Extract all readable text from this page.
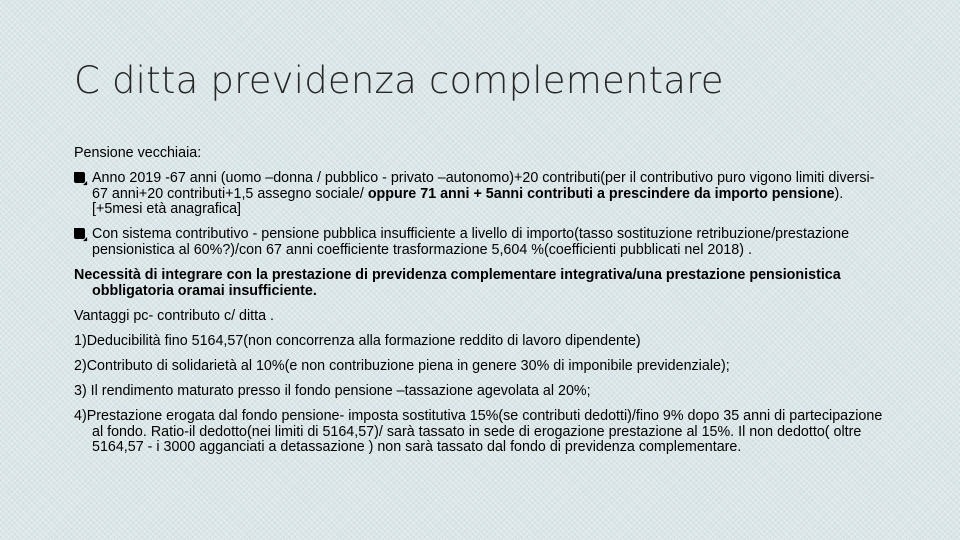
C ditta previdenza complementare

Pensione vecchiaia:

Anno 2019 -67 anni (uomo –donna / pubblico - privato –autonomo)+20 contributi(per il contributivo puro vigono limiti diversi- 67 anni+20 contributi+1,5 assegno sociale/ oppure 71 anni + 5anni contributi a prescindere da importo pensione). [+5mesi età anagrafica]

Con sistema contributivo - pensione pubblica insufficiente a livello di importo(tasso sostituzione retribuzione/prestazione pensionistica al 60%?)/con 67 anni coefficiente trasformazione 5,604 %(coefficienti pubblicati nel 2018) .

Necessità di integrare con la prestazione di previdenza complementare integrativa/una prestazione pensionistica obbligatoria oramai insufficiente.

Vantaggi pc- contributo c/ ditta .

1)Deducibilità fino 5164,57(non concorrenza alla formazione reddito di lavoro dipendente)

2)Contributo di solidarietà al 10%(e non contribuzione piena in genere 30% di imponibile previdenziale);

3) Il rendimento maturato presso il fondo pensione –tassazione agevolata al 20%;

4)Prestazione erogata dal fondo pensione- imposta sostitutiva 15%(se contributi dedotti)/fino 9% dopo 35 anni di partecipazione al fondo. Ratio-il dedotto(nei limiti di 5164,57)/ sarà tassato in sede di erogazione prestazione al 15%. Il non dedotto( oltre 5164,57 - i 3000 agganciati a detassazione ) non sarà tassato dal fondo di previdenza complementare.
